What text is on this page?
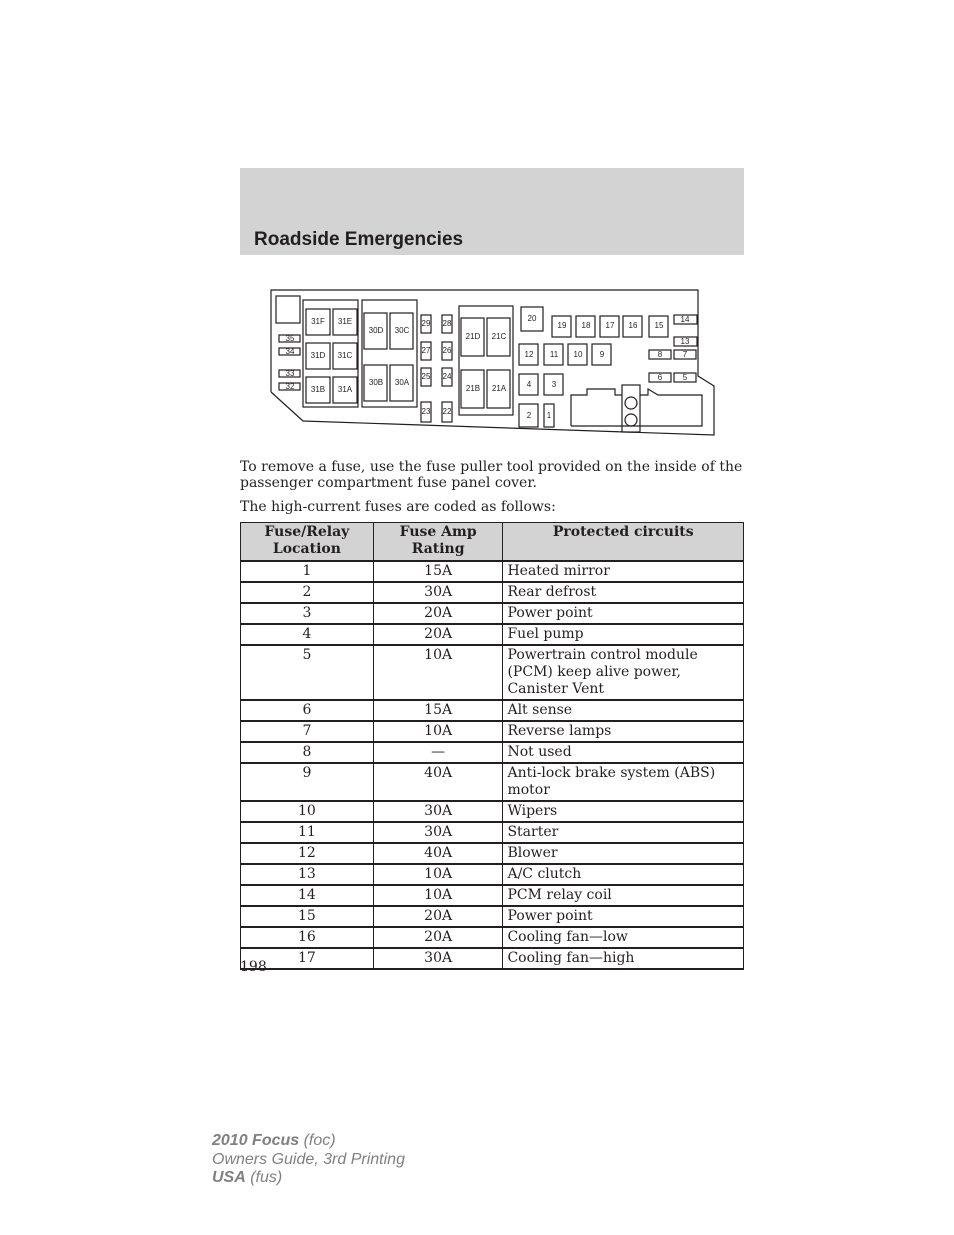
Roadside Emergencies
31F 31E
31D 31C
31B 31A
35
34
33
32
30D 30C
30B 30A
29 28
27 26
25 24
23 22
21D 21C
21B 21A
20
19 18 17 16 15
14
13
12 11 10 9	8	7
6	5
4	3
2 1

To remove a fuse, use the fuse puller tool provided on the inside of the passenger compartment fuse panel cover.

The high-current fuses are coded as follows:

Fuse/Relay Location	Fuse Amp Rating	Protected circuits
1	15A	Heated mirror
2	30A	Rear defrost
3	20A	Power point
4	20A	Fuel pump
5	10A	Powertrain control module (PCM) keep alive power, Canister Vent
6	15A	Alt sense
7	10A	Reverse lamps
8	—	Not used
9	40A	Anti-lock brake system (ABS) motor
10	30A	Wipers
11	30A	Starter
12	40A	Blower
13	10A	A/C clutch
14	10A	PCM relay coil
15	20A	Power point
16	20A	Cooling fan—low
17	30A	Cooling fan—high
198
2010 Focus (foc)
Owners Guide, 3rd Printing
USA (fus)
